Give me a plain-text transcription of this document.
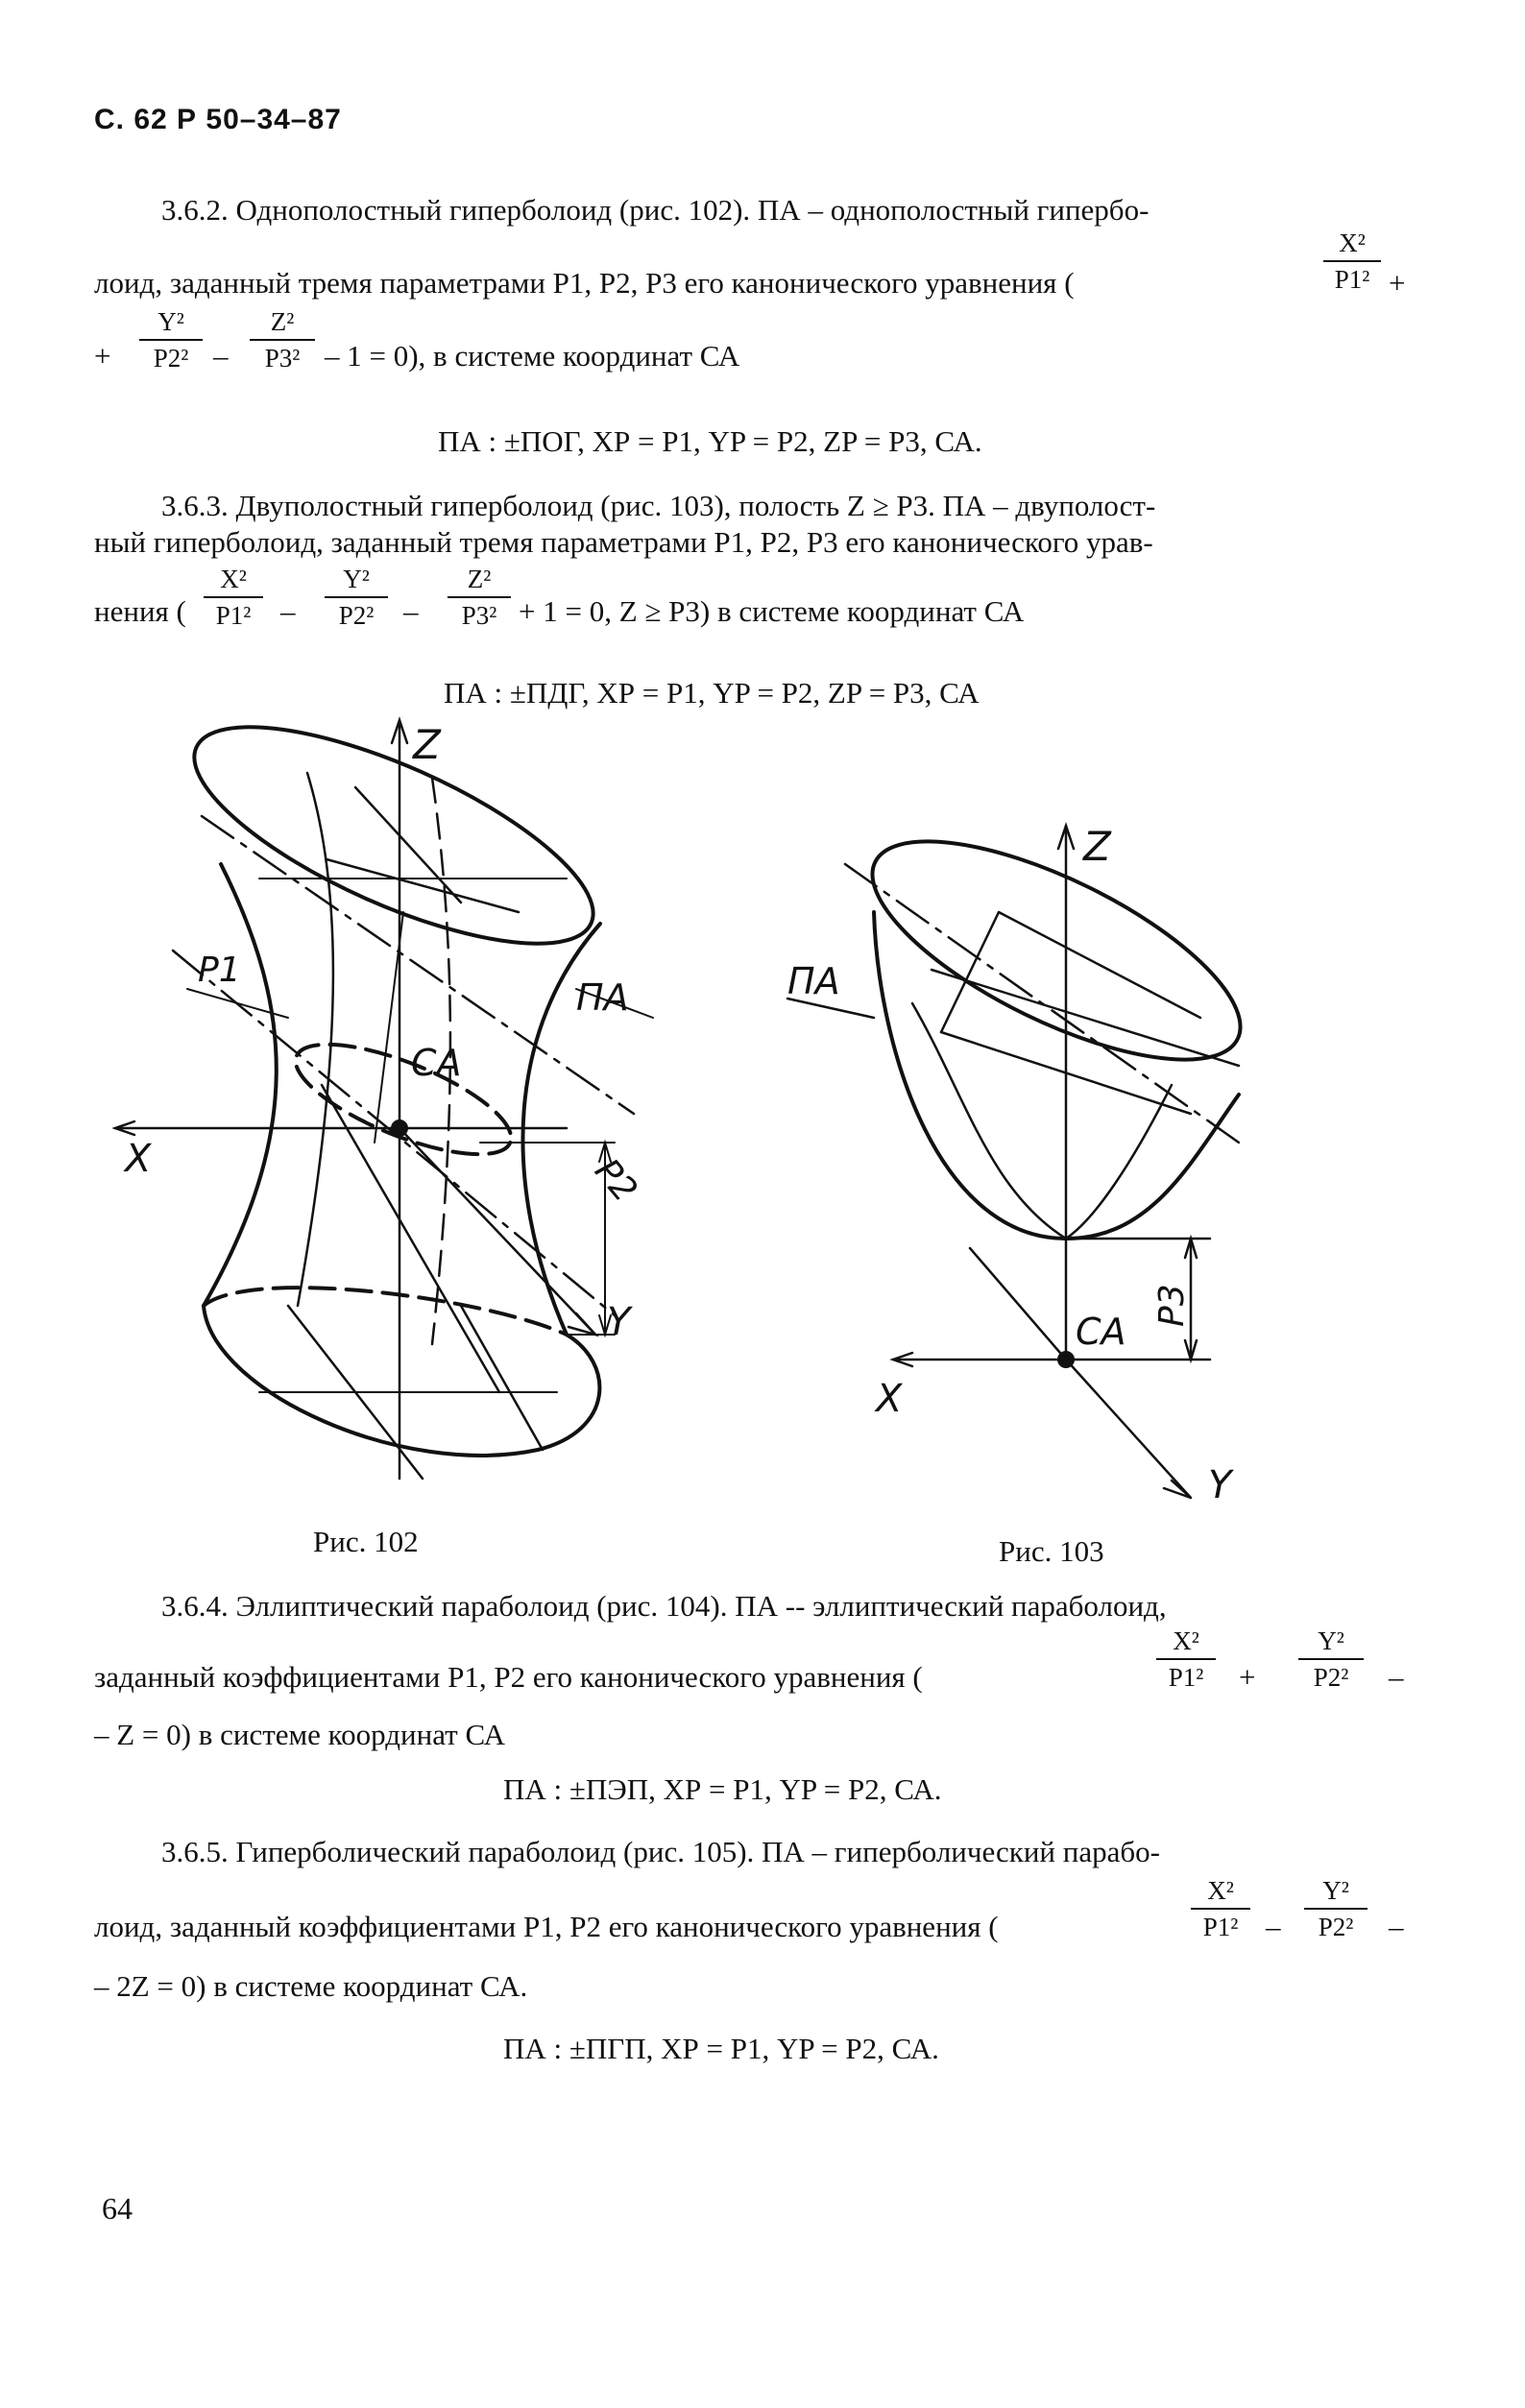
С. 62 Р 50–34–87
3.6.2. Однополостный гиперболоид (рис. 102). ПА – однополостный гипербо-
X²
Р1²
лоид, заданный тремя параметрами Р1, Р2, Р3 его канонического уравнения (	+
+
Y²
Р2² –
Z²
Р3² – 1 = 0), в системе координат СА
ПА : ±ПОГ, ХР = Р1, YP = Р2, ZP = Р3, СА.
3.6.3. Двуполостный гиперболоид (рис. 103), полость Z ≥ Р3. ПА – двуполост-
ный гиперболоид, заданный тремя параметрами Р1, Р2, Р3 его канонического урав-
нения (
X²
Р1² –
Y²
Р2² –
Z²
Р3² + 1 = 0, Z ≥ Р3) в системе координат СА
ПА : ±ПДГ, ХР = Р1, YP = Р2, ZP = Р3, СА
Z
X
Y
CA
ПА
P1
P2
Z
X
Y
CA
ПА
P3
Рис. 102	Рис. 103
3.6.4. Эллиптический параболоид (рис. 104). ПА -- эллиптический параболоид,
заданный коэффициентами Р1, Р2 его канонического уравнения (
X²
Р1²	+
Y²
Р2²	–
– Z = 0) в системе координат СА
ПА : ±ПЭП, ХР = Р1, YP = Р2, СА.
3.6.5. Гиперболический параболоид (рис. 105). ПА – гиперболический парабо-
лоид, заданный коэффициентами Р1, Р2 его канонического уравнения (
X²
Р1² –
Y²
Р2²	–
– 2Z = 0) в системе координат СА.
ПА : ±ПГП, ХР = Р1, YP = Р2, СА.
64
